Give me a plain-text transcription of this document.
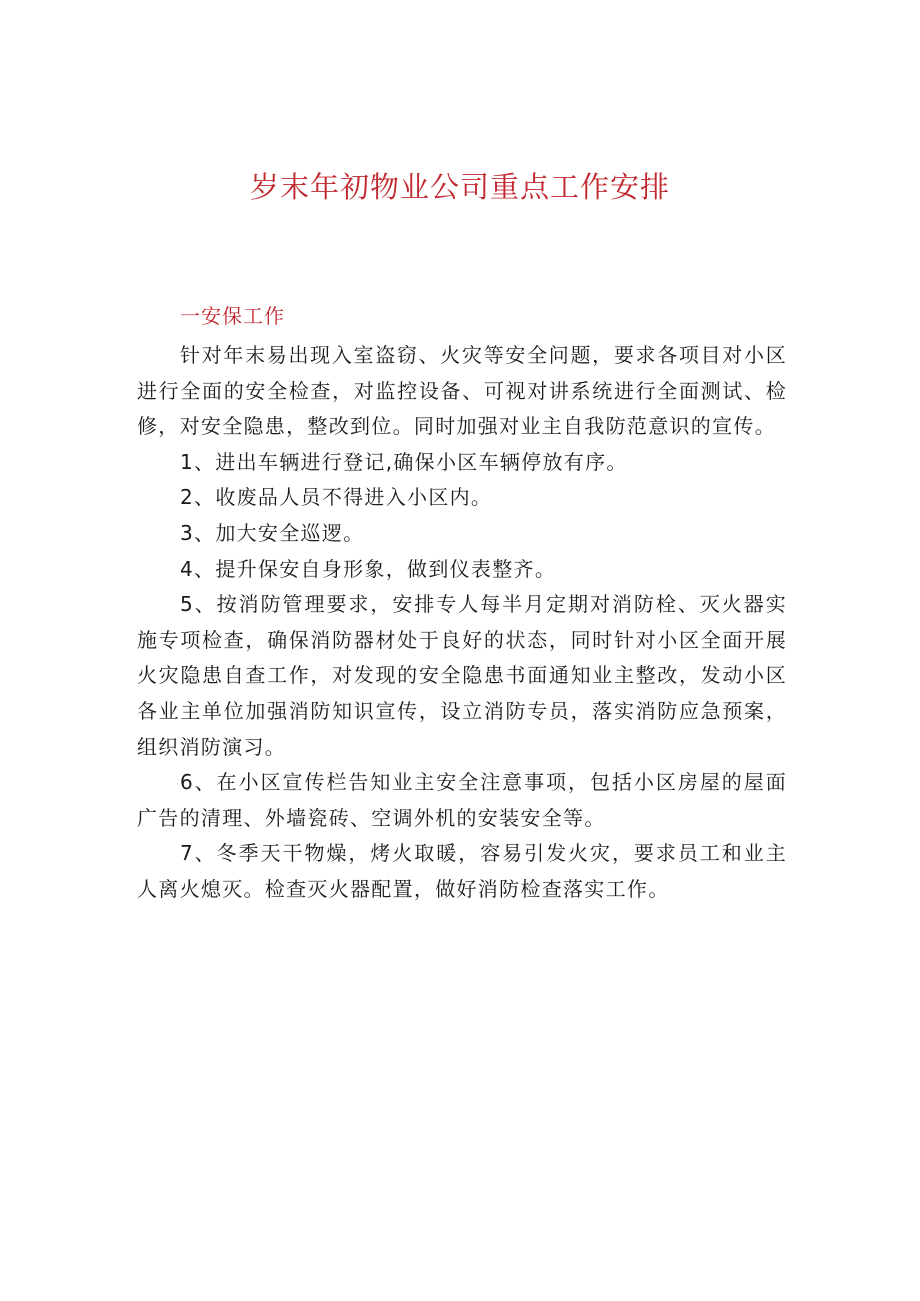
岁末年初物业公司重点工作安排
一安保工作

针对年末易出现入室盗窃、火灾等安全问题，要求各项目对小区进行全面的安全检查，对监控设备、可视对讲系统进行全面测试、检修，对安全隐患，整改到位。同时加强对业主自我防范意识的宣传。

1、进出车辆进行登记,确保小区车辆停放有序。

2、收废品人员不得进入小区内。

3、加大安全巡逻。

4、提升保安自身形象，做到仪表整齐。

5、按消防管理要求，安排专人每半月定期对消防栓、灭火器实施专项检查，确保消防器材处于良好的状态，同时针对小区全面开展火灾隐患自查工作，对发现的安全隐患书面通知业主整改，发动小区各业主单位加强消防知识宣传，设立消防专员，落实消防应急预案，组织消防演习。

6、在小区宣传栏告知业主安全注意事项，包括小区房屋的屋面广告的清理、外墙瓷砖、空调外机的安装安全等。

7、冬季天干物燥，烤火取暖，容易引发火灾，要求员工和业主人离火熄灭。检查灭火器配置，做好消防检查落实工作。
